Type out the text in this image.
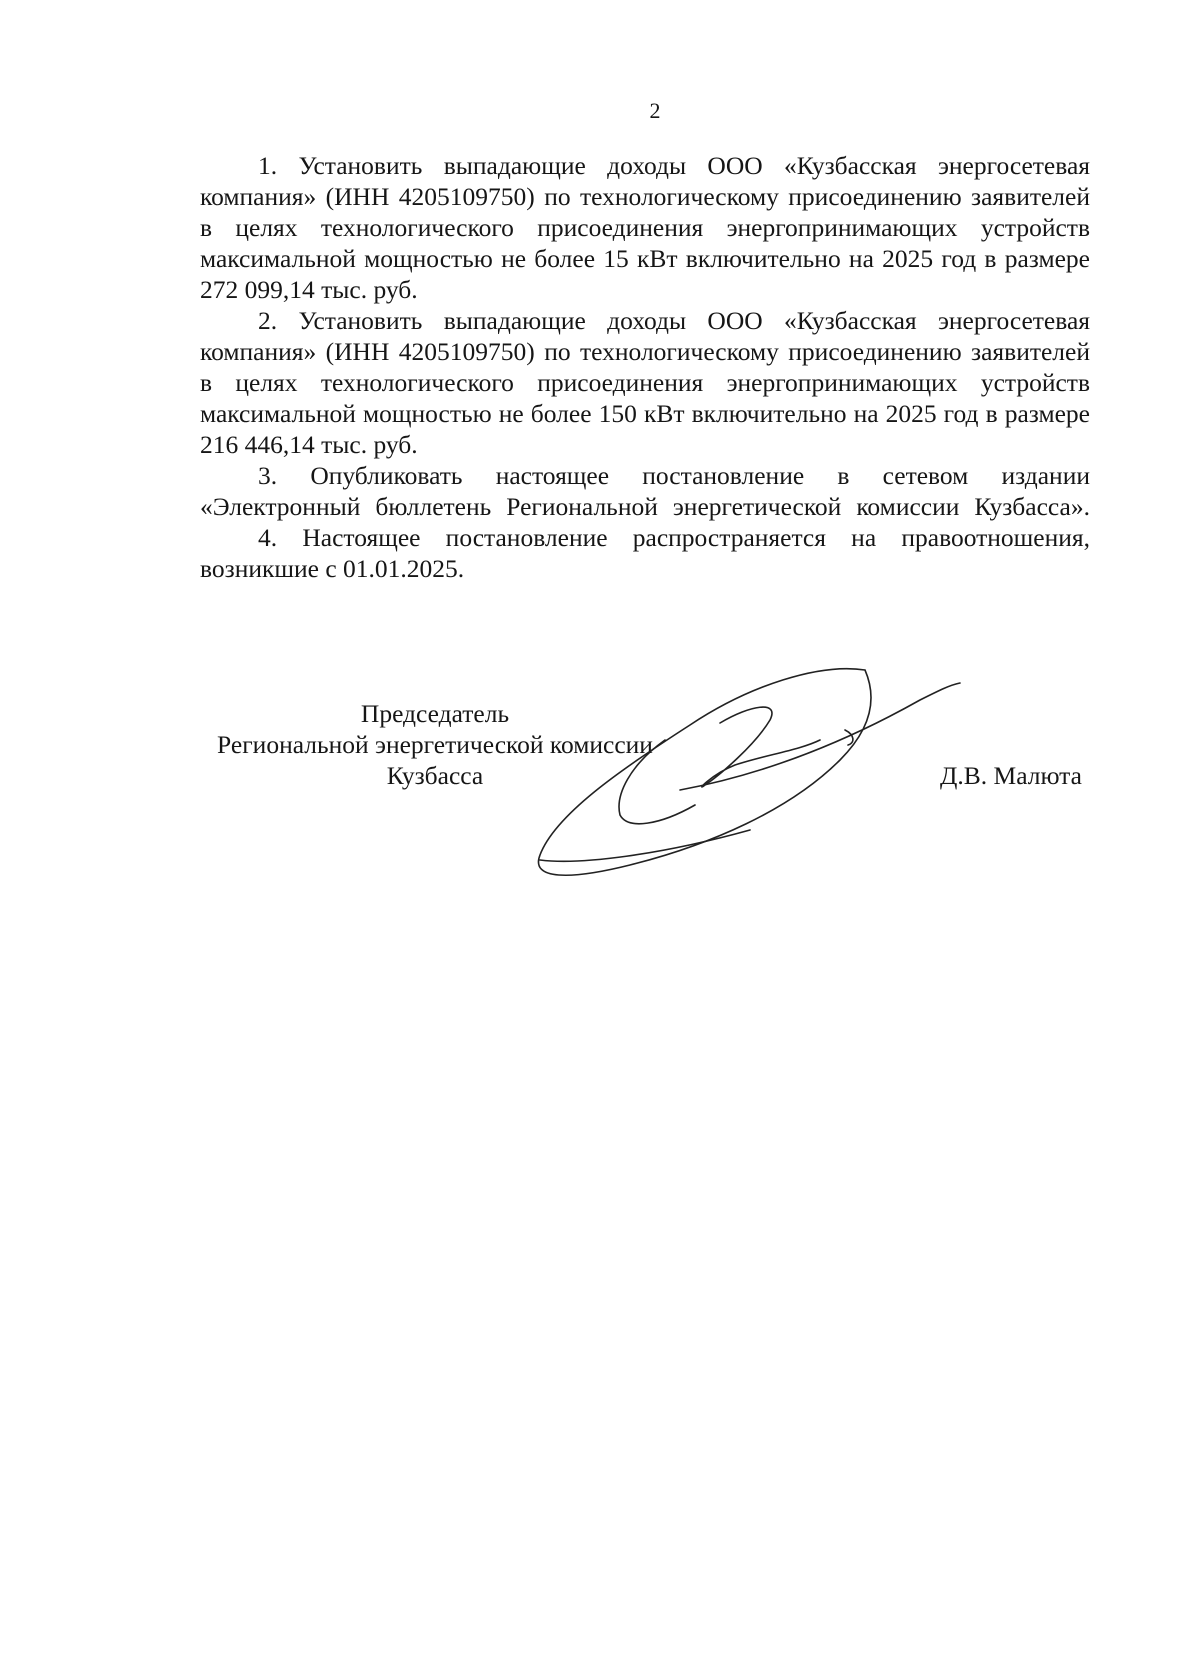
2

1. Установить выпадающие доходы ООО «Кузбасская энергосетевая компания» (ИНН 4205109750) по технологическому присоединению заявителей в целях технологического присоединения энергопринимающих устройств максимальной мощностью не более 15 кВт включительно на 2025 год в размере 272 099,14 тыс. руб.

2. Установить выпадающие доходы ООО «Кузбасская энергосетевая компания» (ИНН 4205109750) по технологическому присоединению заявителей в целях технологического присоединения энергопринимающих устройств максимальной мощностью не более 150 кВт включительно на 2025 год в размере 216 446,14 тыс. руб.

3. Опубликовать настоящее постановление в сетевом издании «Электронный бюллетень Региональной энергетической комиссии Кузбасса».

4. Настоящее постановление распространяется на правоотношения, возникшие с 01.01.2025.

Председатель
Региональной энергетической комиссии
Кузбасса	Д.В. Малюта
